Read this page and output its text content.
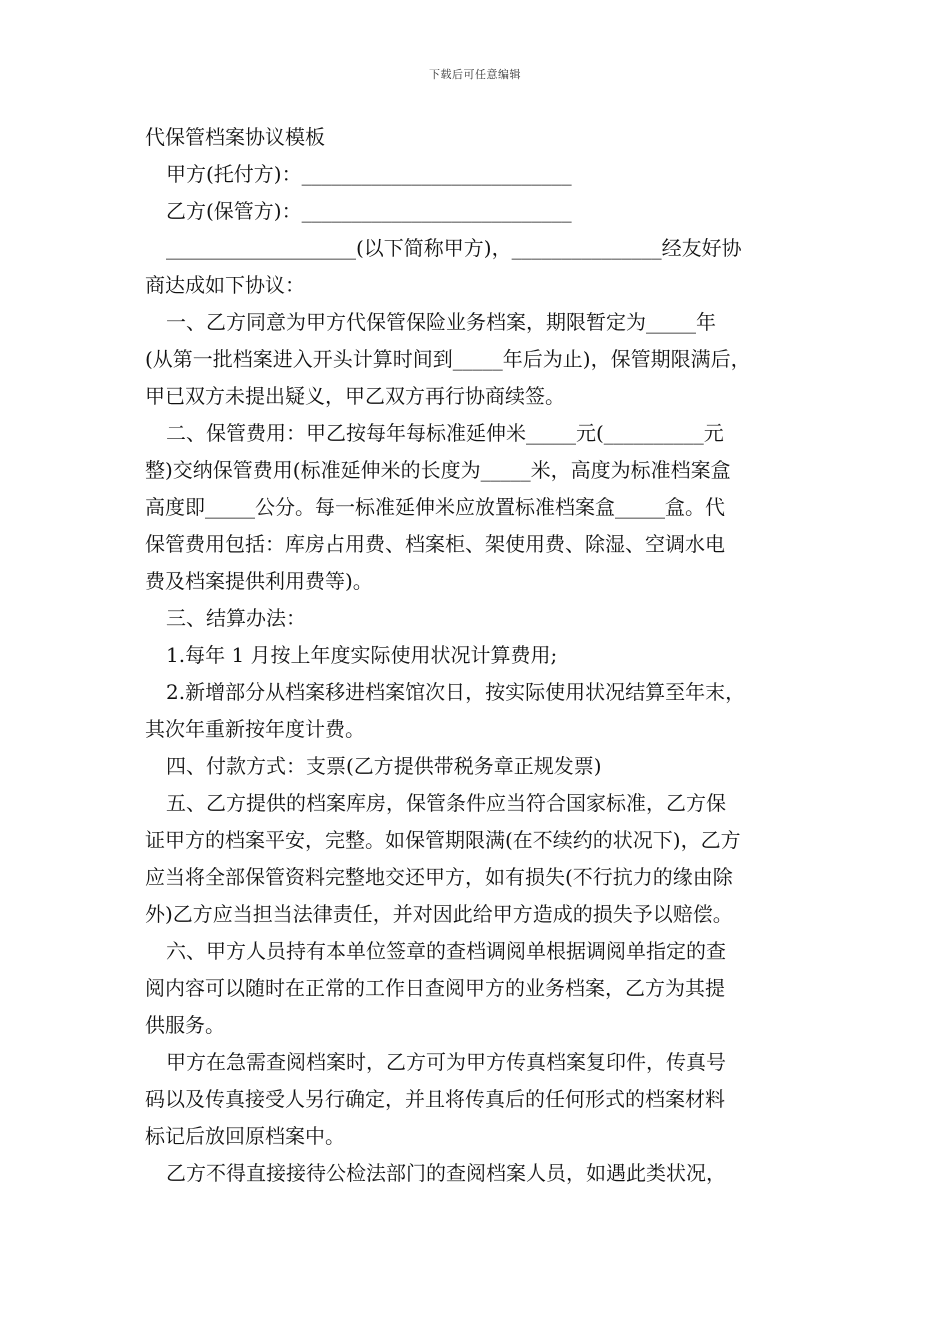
下载后可任意编辑
代保管档案协议模板
甲方(托付方)：___________________________
乙方(保管方)：___________________________
___________________(以下简称甲方)，_______________经友好协
商达成如下协议：
一、乙方同意为甲方代保管保险业务档案，期限暂定为_____年
(从第一批档案进入开头计算时间到_____年后为止)，保管期限满后，
甲已双方未提出疑义，甲乙双方再行协商续签。
二、保管费用：甲乙按每年每标准延伸米_____元(__________元
整)交纳保管费用(标准延伸米的长度为_____米，高度为标准档案盒
高度即_____公分。每一标准延伸米应放置标准档案盒_____盒。代
保管费用包括：库房占用费、档案柜、架使用费、除湿、空调水电
费及档案提供利用费等)。
三、结算办法：
1.每年 1 月按上年度实际使用状况计算费用;
2.新增部分从档案移进档案馆次日，按实际使用状况结算至年末，
其次年重新按年度计费。
四、付款方式：支票(乙方提供带税务章正规发票)
五、乙方提供的档案库房，保管条件应当符合国家标准，乙方保
证甲方的档案平安，完整。如保管期限满(在不续约的状况下)，乙方
应当将全部保管资料完整地交还甲方，如有损失(不行抗力的缘由除
外)乙方应当担当法律责任，并对因此给甲方造成的损失予以赔偿。
六、甲方人员持有本单位签章的查档调阅单根据调阅单指定的查
阅内容可以随时在正常的工作日查阅甲方的业务档案，乙方为其提
供服务。
甲方在急需查阅档案时，乙方可为甲方传真档案复印件，传真号
码以及传真接受人另行确定，并且将传真后的任何形式的档案材料
标记后放回原档案中。
乙方不得直接接待公检法部门的查阅档案人员，如遇此类状况，
